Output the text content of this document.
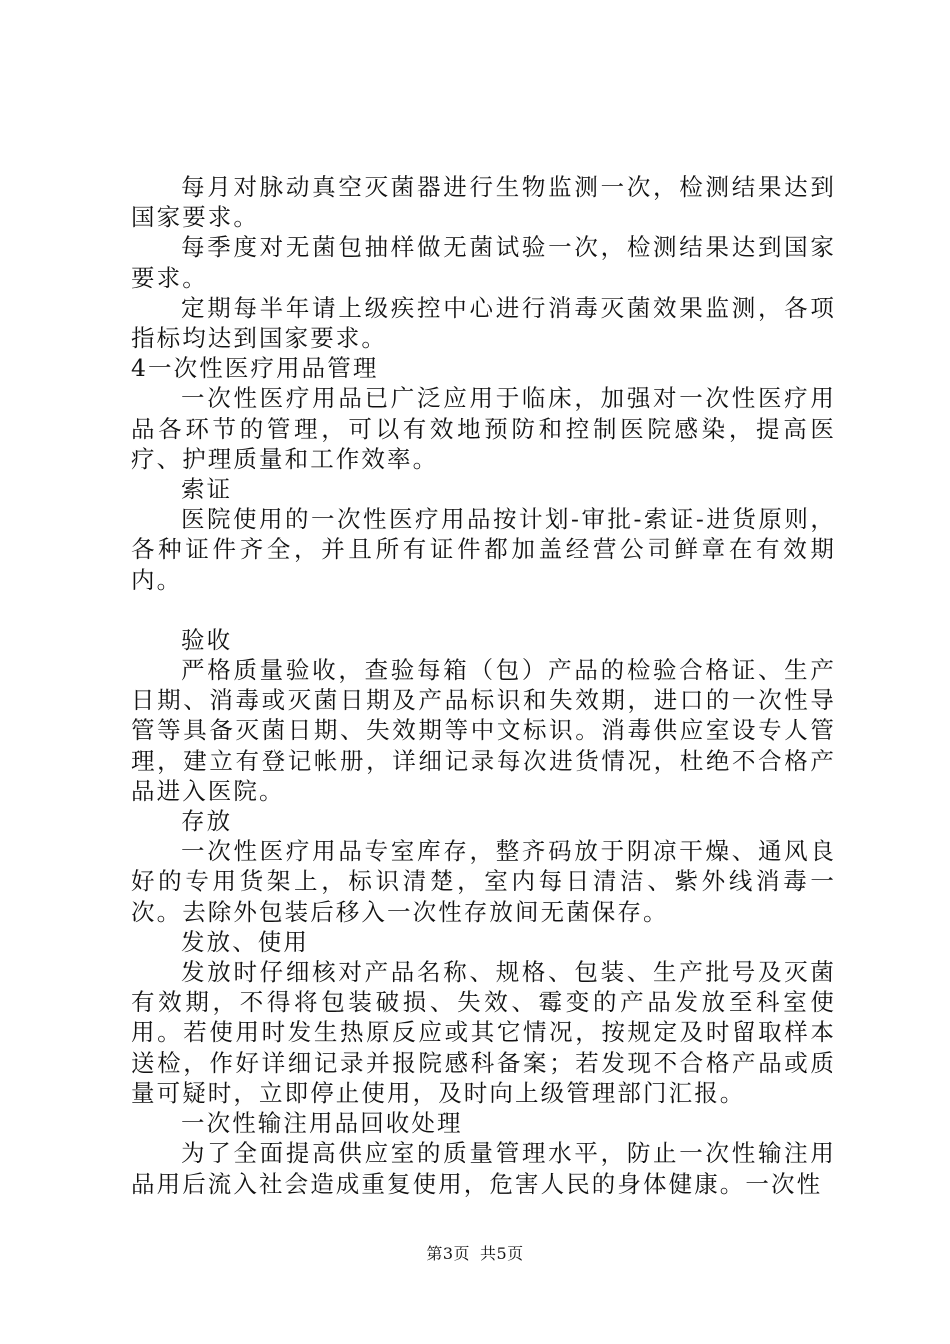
每月对脉动真空灭菌器进行生物监测一次，检测结果达到国家要求。

每季度对无菌包抽样做无菌试验一次，检测结果达到国家要求。

定期每半年请上级疾控中心进行消毒灭菌效果监测，各项指标均达到国家要求。

4一次性医疗用品管理

一次性医疗用品已广泛应用于临床，加强对一次性医疗用品各环节的管理，可以有效地预防和控制医院感染，提高医疗、护理质量和工作效率。

索证

医院使用的一次性医疗用品按计划-审批-索证-进货原则，各种证件齐全，并且所有证件都加盖经营公司鲜章在有效期内。

验收

严格质量验收，查验每箱（包）产品的检验合格证、生产日期、消毒或灭菌日期及产品标识和失效期，进口的一次性导管等具备灭菌日期、失效期等中文标识。消毒供应室设专人管理，建立有登记帐册，详细记录每次进货情况，杜绝不合格产品进入医院。

存放

一次性医疗用品专室库存，整齐码放于阴凉干燥、通风良好的专用货架上，标识清楚，室内每日清洁、紫外线消毒一次。去除外包装后移入一次性存放间无菌保存。

发放、使用

发放时仔细核对产品名称、规格、包装、生产批号及灭菌有效期，不得将包装破损、失效、霉变的产品发放至科室使用。若使用时发生热原反应或其它情况，按规定及时留取样本送检，作好详细记录并报院感科备案；若发现不合格产品或质量可疑时，立即停止使用，及时向上级管理部门汇报。

一次性输注用品回收处理

为了全面提高供应室的质量管理水平，防止一次性输注用品用后流入社会造成重复使用，危害人民的身体健康。一次性

第3页 共5页
